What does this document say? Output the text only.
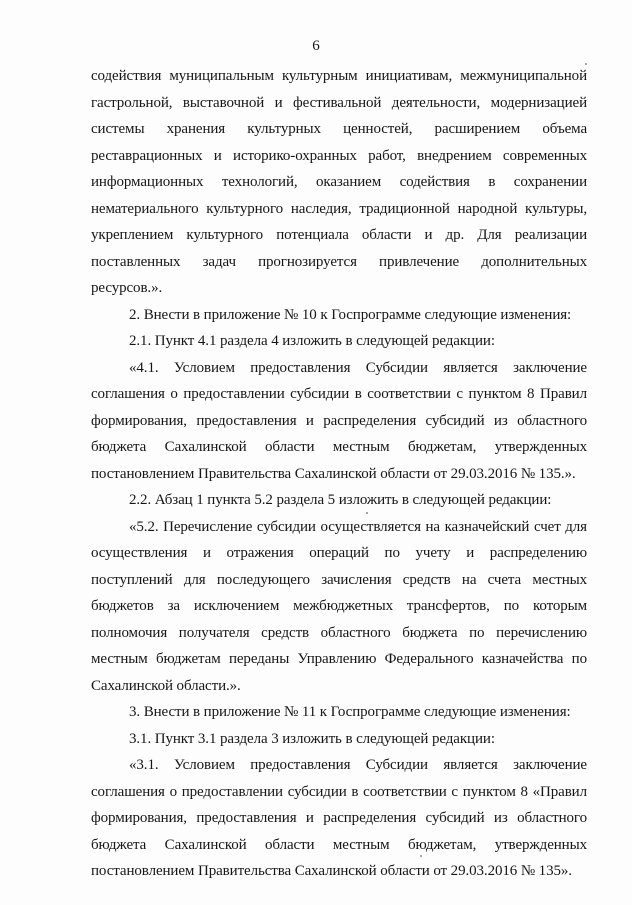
6

содействия муниципальным культурным инициативам, межмуниципальной гастрольной, выставочной и фестивальной деятельности, модернизацией системы хранения культурных ценностей, расширением объема реставрационных и историко-охранных работ, внедрением современных информационных технологий, оказанием содействия в сохранении нематериального культурного наследия, традиционной народной культуры, укреплением культурного потенциала области и др. Для реализации поставленных задач прогнозируется привлечение дополнительных ресурсов.».

2. Внести в приложение № 10 к Госпрограмме следующие изменения:

2.1. Пункт 4.1 раздела 4 изложить в следующей редакции:

«4.1. Условием предоставления Субсидии является заключение соглашения о предоставлении субсидии в соответствии с пунктом 8 Правил формирования, предоставления и распределения субсидий из областного бюджета Сахалинской области местным бюджетам, утвержденных постановлением Правительства Сахалинской области от 29.03.2016 № 135.».

2.2. Абзац 1 пункта 5.2 раздела 5 изложить в следующей редакции:

«5.2. Перечисление субсидии осуществляется на казначейский счет для осуществления и отражения операций по учету и распределению поступлений для последующего зачисления средств на счета местных бюджетов за исключением межбюджетных трансфертов, по которым полномочия получателя средств областного бюджета по перечислению местным бюджетам переданы Управлению Федерального казначейства по Сахалинской области.».

3. Внести в приложение № 11 к Госпрограмме следующие изменения:

3.1. Пункт 3.1 раздела 3 изложить в следующей редакции:

«3.1. Условием предоставления Субсидии является заключение соглашения о предоставлении субсидии в соответствии с пунктом 8 «Правил формирования, предоставления и распределения субсидий из областного бюджета Сахалинской области местным бюджетам, утвержденных постановлением Правительства Сахалинской области от 29.03.2016 № 135».
